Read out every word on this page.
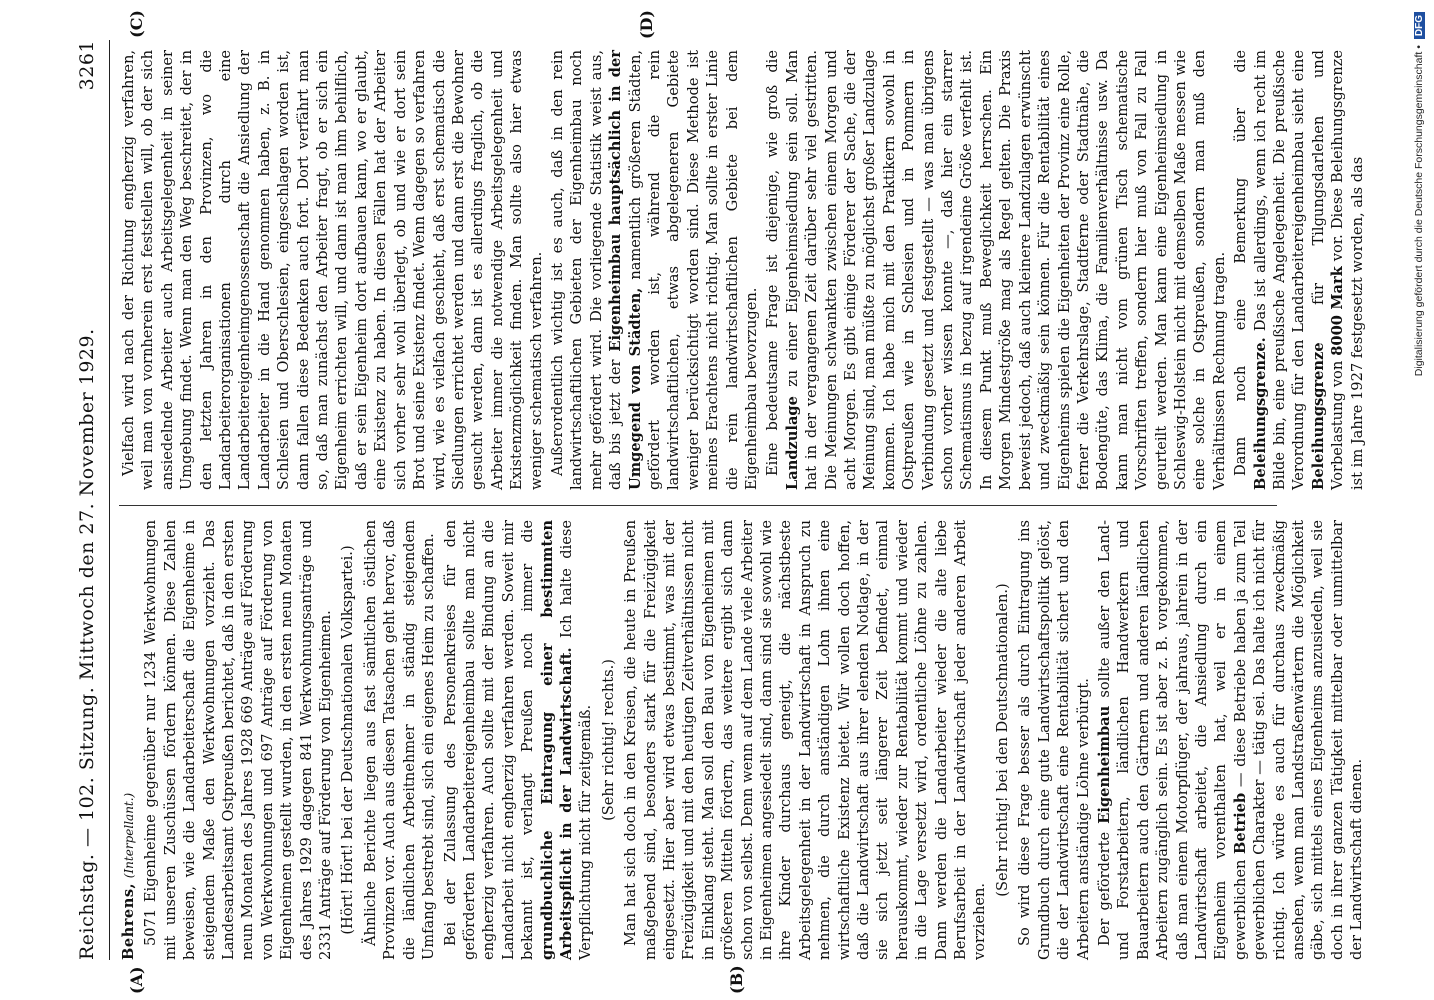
Reichstag. — 102. Sitzung. Mittwoch den 27. November 1929.
3261
(A)	(B)
(C)	(D)

Behrens, (Interpellant.) 5071 Eigenheime gegenüber nur 1234 Werkwohnungen mit unseren Zuschüssen fördern können. Diese Zahlen beweisen, wie die Landarbeiterschaft die Eigenheime in steigendem Maße den Werkwohnungen vorzieht. Das Landesarbeitsamt Ostpreußen berichtet, daß in den ersten neun Monaten des Jahres 1928 669 Anträge auf Förderung von Werkwohnungen und 697 Anträge auf Förderung von Eigenheimen gestellt wurden, in den ersten neun Monaten des Jahres 1929 dagegen 841 Werkwohnungsanträge und 2331 Anträge auf Förderung von Eigenheimen. (Hört! Hört! bei der Deutschnationalen Volkspartei.) Ähnliche Berichte liegen aus fast sämtlichen östlichen Provinzen vor. Auch aus diesen Tatsachen geht hervor, daß die ländlichen Arbeitnehmer in ständig steigendem Umfang bestrebt sind, sich ein eigenes Heim zu schaffen. Bei der Zulassung des Personenkreises für den geförderten Landarbeitereigenheimbau sollte man nicht engherzig verfahren. Auch sollte mit der Bindung an die Landarbeit nicht engherzig verfahren werden. Soweit mir bekannt ist, verlangt Preußen noch immer die grundbuchliche Eintragung einer bestimmten Arbeitspflicht in der Landwirtschaft. Ich halte diese Verpflichtung nicht für zeitgemäß. (Sehr richtig! rechts.) Man hat sich doch in den Kreisen, die heute in Preußen maßgebend sind, besonders stark für die Freizügigkeit eingesetzt. Hier aber wird etwas bestimmt, was mit der Freizügigkeit und mit den heutigen Zeitverhältnissen nicht in Einklang steht. Man soll den Bau von Eigenheimen mit größeren Mitteln fördern, das weitere ergibt sich dann schon von selbst. Denn wenn auf dem Lande viele Arbeiter in Eigenheimen angesiedelt sind, dann sind sie sowohl wie ihre Kinder durchaus geneigt, die nächstbeste Arbeitsgelegenheit in der Landwirtschaft in Anspruch zu nehmen, die durch anständigen Lohn ihnen eine wirtschaftliche Existenz bietet. Wir wollen doch hoffen, daß die Landwirtschaft aus ihrer elenden Notlage, in der sie sich jetzt seit längerer Zeit befindet, einmal herauskommt, wieder zur Rentabilität kommt und wieder in die Lage versetzt wird, ordentliche Löhne zu zahlen. Dann werden die Landarbeiter wieder die alte liebe Berufsarbeit in der Landwirtschaft jeder anderen Arbeit vorziehen.

(Sehr richtig! bei den Deutschnationalen.) So wird diese Frage besser als durch Eintragung ins Grundbuch durch eine gute Landwirtschaftspolitik gelöst, die der Landwirtschaft eine Rentabilität sichert und den Arbeitern anständige Löhne verbürgt. Der geförderte Eigenheimbau sollte außer den Land- und Forstarbeitern, ländlichen Handwerkern und Bauarbeitern auch den Gärtnern und anderen ländlichen Arbeitern zugänglich sein. Es ist aber z. B. vorgekommen, daß man einem Motorpflüger, der jahraus, jahrein in der Landwirtschaft arbeitet, die Ansiedlung durch ein Eigenheim vorenthalten hat, weil er in einem gewerblichen Betrieb — diese Betriebe haben ja zum Teil gewerblichen Charakter — tätig sei. Das halte ich nicht für richtig. Ich würde es auch für durchaus zweckmäßig ansehen, wenn man Landstraßenwärtern die Möglichkeit gäbe, sich mittels eines Eigenheims anzusiedeln, weil sie doch in ihrer ganzen Tätigkeit mittelbar oder unmittelbar der Landwirtschaft dienen.

Vielfach wird nach der Richtung engherzig verfahren, weil man von vornherein erst feststellen will, ob der sich ansiedelnde Arbeiter auch Arbeitsgelegenheit in seiner Umgebung findet. Wenn man den Weg beschreitet, der in den letzten Jahren in den Provinzen, wo die Landarbeiterorganisationen durch eine Landarbeitereigenheimgenossenschaft die Ansiedlung der Landarbeiter in die Hand genommen haben, z. B. in Schlesien und Oberschlesien, eingeschlagen worden ist, dann fallen diese Bedenken auch fort. Dort verfährt man so, daß man zunächst den Arbeiter fragt, ob er sich ein Eigenheim errichten will, und dann ist man ihm behilflich, daß er sein Eigenheim dort aufbauen kann, wo er glaubt, eine Existenz zu haben. In diesen Fällen hat der Arbeiter sich vorher sehr wohl überlegt, ob und wie er dort sein Brot und seine Existenz findet. Wenn dagegen so verfahren wird, wie es vielfach geschieht, daß erst schematisch die Siedlungen errichtet werden und dann erst die Bewohner gesucht werden, dann ist es allerdings fraglich, ob die Arbeiter immer die notwendige Arbeitsgelegenheit und Existenzmöglichkeit finden. Man sollte also hier etwas weniger schematisch verfahren. Außerordentlich wichtig ist es auch, daß in den rein landwirtschaftlichen Gebieten der Eigenheimbau noch mehr gefördert wird. Die vorliegende Statistik weist aus, daß bis jetzt der Eigenheimbau hauptsächlich in der Umgegend von Städten, namentlich größeren Städten, gefördert worden ist, während die rein landwirtschaftlichen, etwas abgelegeneren Gebiete weniger berücksichtigt worden sind. Diese Methode ist meines Erachtens nicht richtig. Man sollte in erster Linie die rein landwirtschaftlichen Gebiete bei dem Eigenheimbau bevorzugen. Eine bedeutsame Frage ist diejenige, wie groß die Landzulage zu einer Eigenheimsiedlung sein soll. Man hat in der vergangenen Zeit darüber sehr viel gestritten. Die Meinungen schwankten zwischen einem Morgen und acht Morgen. Es gibt einige Förderer der Sache, die der Meinung sind, man müßte zu möglichst großer Landzulage kommen. Ich habe mich mit den Praktikern sowohl in Ostpreußen wie in Schlesien und in Pommern in Verbindung gesetzt und festgestellt — was man übrigens schon vorher wissen konnte —, daß hier ein starrer Schematismus in bezug auf irgendeine Größe verfehlt ist. In diesem Punkt muß Beweglichkeit herrschen. Ein Morgen Mindestgröße mag als Regel gelten. Die Praxis beweist jedoch, daß auch kleinere Landzulagen erwünscht und zweckmäßig sein können. Für die Rentabilität eines Eigenheims spielen die Eigenheiten der Provinz eine Rolle, ferner die Verkehrslage, Stadtferne oder Stadtnähe, die Bodengüte, das Klima, die Familienverhältnisse usw. Da kann man nicht vom grünen Tisch schematische Vorschriften treffen, sondern hier muß von Fall zu Fall geurteilt werden. Man kann eine Eigenheimsiedlung in Schleswig-Holstein nicht mit demselben Maße messen wie eine solche in Ostpreußen, sondern man muß den Verhältnissen Rechnung tragen. Dann noch eine Bemerkung über die Beleihungsgrenze. Das ist allerdings, wenn ich recht im Bilde bin, eine preußische Angelegenheit. Die preußische Verordnung für den Landarbeitereigenheimbau sieht eine Beleihungsgrenze für Tilgungsdarlehen und Vorbelastung von 8000 Mark vor. Diese Beleihungsgrenze ist im Jahre 1927 festgesetzt worden, als das	Digitalisierung gefördert durch die Deutsche Forschungsgemeinschaft •
DFG
